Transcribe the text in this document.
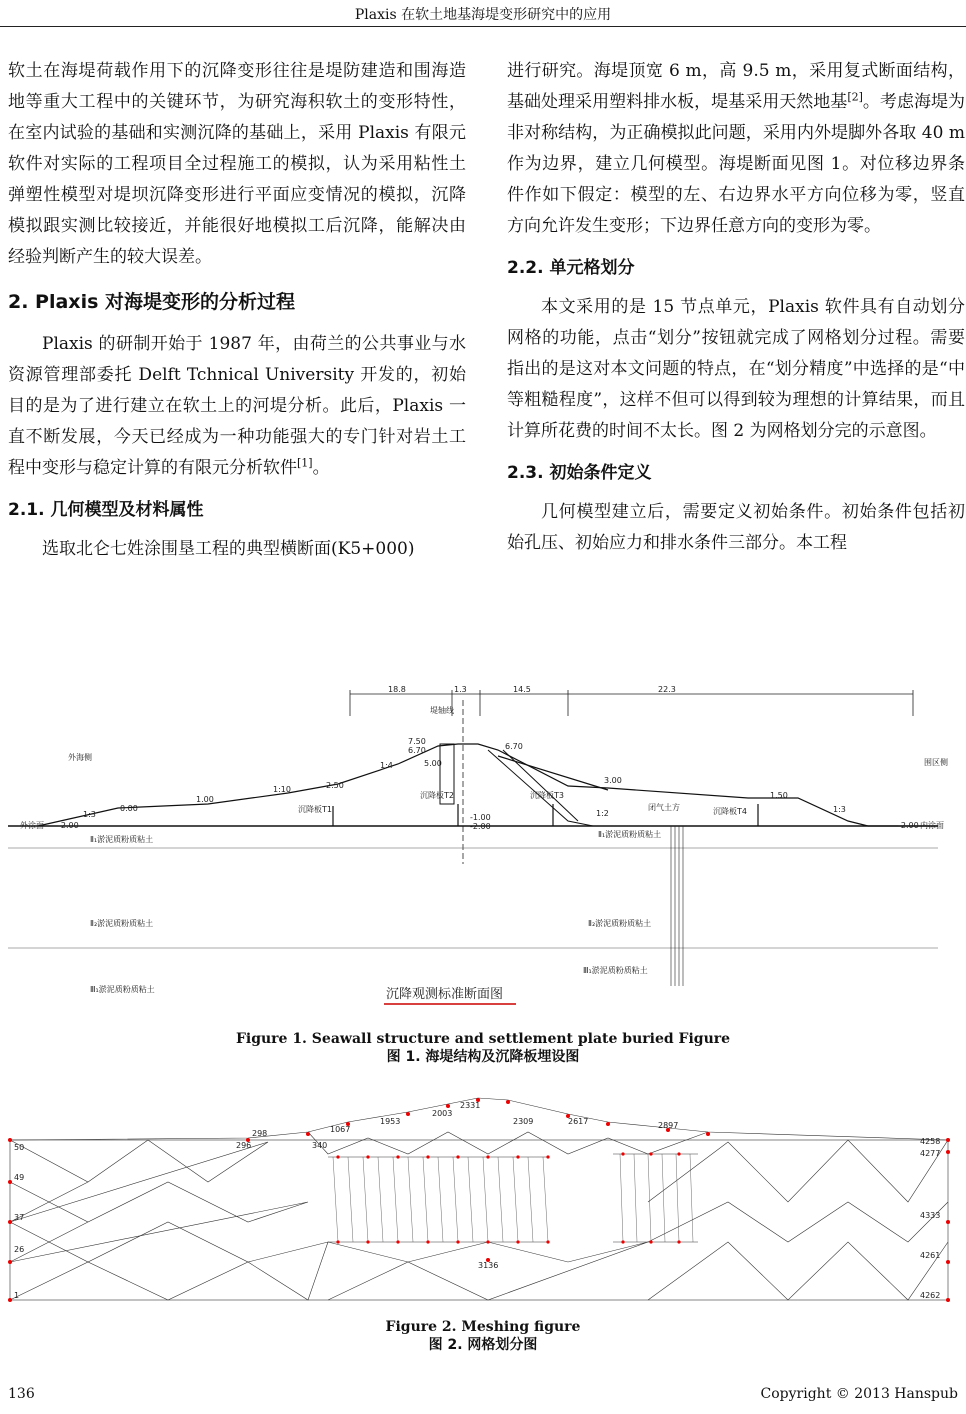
Plaxis 在软土地基海堤变形研究中的应用

软土在海堤荷载作用下的沉降变形往往是堤防建造和围海造地等重大工程中的关键环节，为研究海积软土的变形特性，在室内试验的基础和实测沉降的基础上，采用 Plaxis 有限元软件对实际的工程项目全过程施工的模拟，认为采用粘性土弹塑性模型对堤坝沉降变形进行平面应变情况的模拟，沉降模拟跟实测比较接近，并能很好地模拟工后沉降，能解决由经验判断产生的较大误差。

2. Plaxis 对海堤变形的分析过程

Plaxis 的研制开始于 1987 年，由荷兰的公共事业与水资源管理部委托 Delft Tchnical University 开发的，初始目的是为了进行建立在软土上的河堤分析。此后，Plaxis 一直不断发展，今天已经成为一种功能强大的专门针对岩土工程中变形与稳定计算的有限元分析软件[1]。

2.1. 几何模型及材料属性

选取北仑七姓涂围垦工程的典型横断面(K5+000)

进行研究。海堤顶宽 6 m，高 9.5 m，采用复式断面结构，基础处理采用塑料排水板，堤基采用天然地基[2]。考虑海堤为非对称结构，为正确模拟此问题，采用内外堤脚外各取 40 m 作为边界，建立几何模型。海堤断面见图 1。对位移边界条件作如下假定：模型的左、右边界水平方向位移为零，竖直方向允许发生变形；下边界任意方向的变形为零。

2.2. 单元格划分

本文采用的是 15 节点单元，Plaxis 软件具有自动划分网格的功能，点击“划分”按钮就完成了网格划分过程。需要指出的是这对本文问题的特点，在“划分精度”中选择的是“中等粗糙程度”，这样不但可以得到较为理想的计算结果，而且计算所花费的时间不太长。图 2 为网格划分完的示意图。

2.3. 初始条件定义

几何模型建立后，需要定义初始条件。初始条件包括初始孔压、初始应力和排水条件三部分。本工程

18.8	1.3	14.5	22.3
堤轴线
外海侧
围区侧
7.50
6.70
5.00
6.70
3.00
2.50
1.00
0.00
-2.00
1.50
-1.00
-2.00	-2.00
1:10
1:4
1:3
1:3
1:2
沉降板T1
沉降板T2	沉降板T3
沉降板T4
外涂面	内涂面
闭气土方
Ⅱ₁淤泥质粉质粘土
Ⅱ₁淤泥质粉质粘土
Ⅱ₂淤泥质粉质粘土	Ⅱ₂淤泥质粉质粘土
Ⅲ₁淤泥质粉质粘土
Ⅲ₁淤泥质粉质粘土
沉降观测标准断面图
Figure 1. Seawall structure and settlement plate buried Figure
图 1. 海堤结构及沉降板埋设图
50
49
37
26
1
4258
4277
4333
4261
4262
298
296	340
1067
1953
2003
2331
2309	2617	2897
3136
Figure 2. Meshing figure
图 2. 网格划分图
136	Copyright © 2013 Hanspub
